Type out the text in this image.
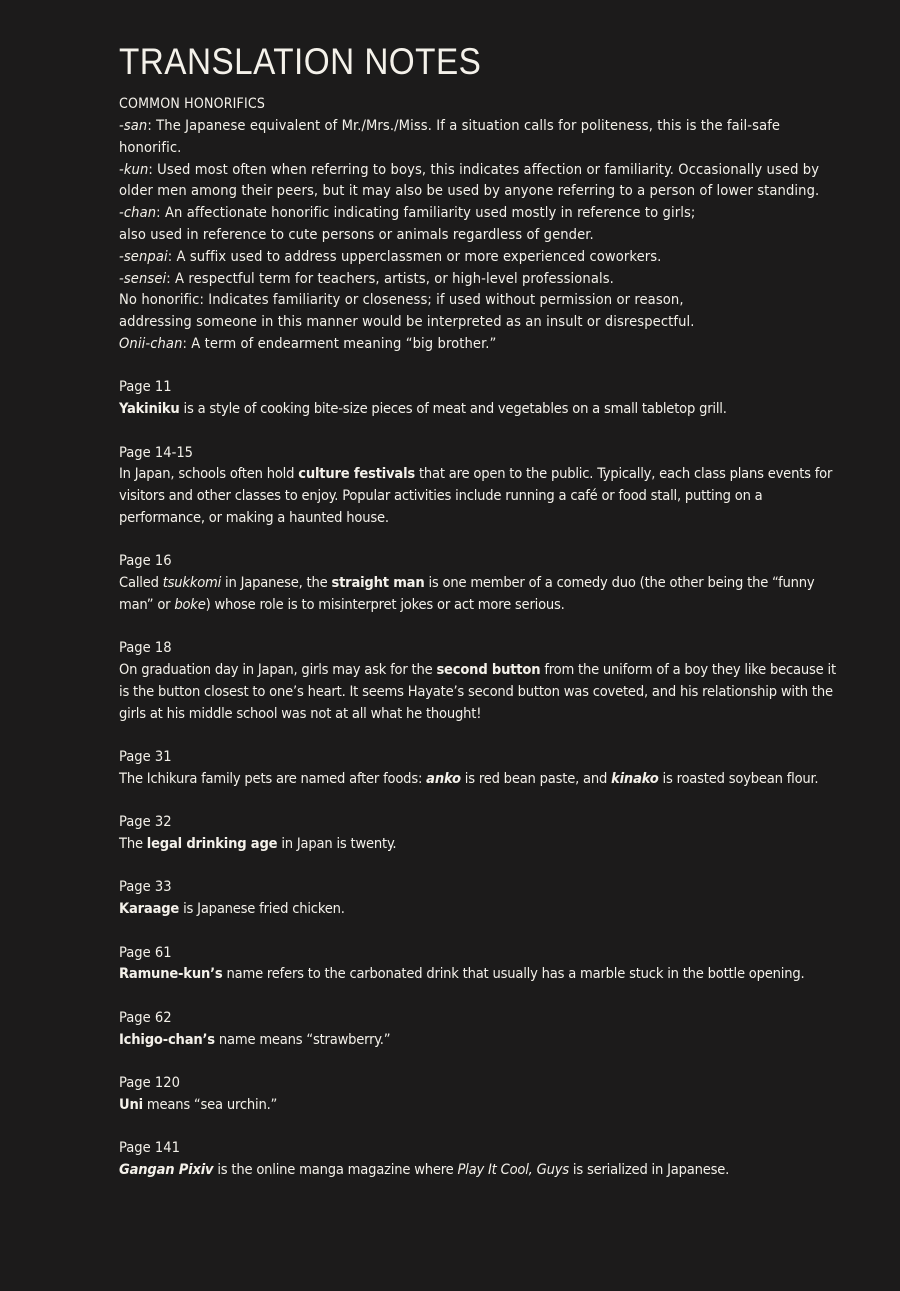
TRANSLATION NOTES
COMMON HONORIFICS

-san: The Japanese equivalent of Mr./Mrs./Miss. If a situation calls for politeness, this is the fail-safe honorific.

-kun: Used most often when referring to boys, this indicates affection or familiarity. Occasionally used by older men among their peers, but it may also be used by anyone referring to a person of lower standing.

-chan: An affectionate honorific indicating familiarity used mostly in reference to girls;

also used in reference to cute persons or animals regardless of gender.

-senpai: A suffix used to address upperclassmen or more experienced coworkers.

-sensei: A respectful term for teachers, artists, or high-level professionals.

No honorific: Indicates familiarity or closeness; if used without permission or reason,

addressing someone in this manner would be interpreted as an insult or disrespectful.

Onii-chan: A term of endearment meaning “big brother.”

Page 11

Yakiniku is a style of cooking bite-size pieces of meat and vegetables on a small tabletop grill.

Page 14-15

In Japan, schools often hold culture festivals that are open to the public. Typically, each class plans events for visitors and other classes to enjoy. Popular activities include running a café or food stall, putting on a performance, or making a haunted house.

Page 16

Called tsukkomi in Japanese, the straight man is one member of a comedy duo (the other being the “funny man” or boke) whose role is to misinterpret jokes or act more serious.

Page 18

On graduation day in Japan, girls may ask for the second button from the uniform of a boy they like because it is the button closest to one’s heart. It seems Hayate’s second button was coveted, and his relationship with the girls at his middle school was not at all what he thought!

Page 31

The Ichikura family pets are named after foods: anko is red bean paste, and kinako is roasted soybean flour.

Page 32

The legal drinking age in Japan is twenty.

Page 33

Karaage is Japanese fried chicken.

Page 61

Ramune-kun’s name refers to the carbonated drink that usually has a marble stuck in the bottle opening.

Page 62

Ichigo-chan’s name means “strawberry.”

Page 120

Uni means “sea urchin.”

Page 141

Gangan Pixiv is the online manga magazine where Play It Cool, Guys is serialized in Japanese.
